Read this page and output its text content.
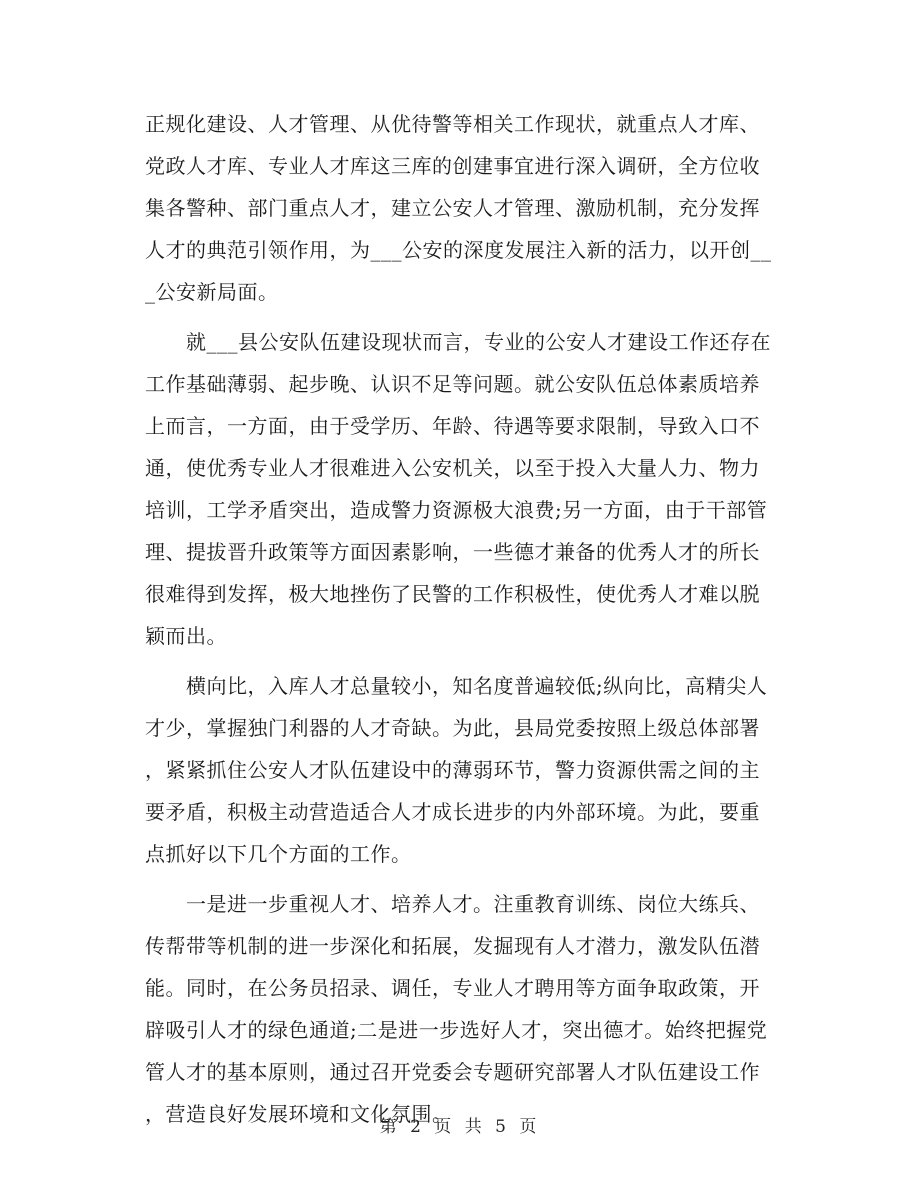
正规化建设、人才管理、从优待警等相关工作现状，就重点人才库、
党政人才库、专业人才库这三库的创建事宜进行深入调研，全方位收
集各警种、部门重点人才，建立公安人才管理、激励机制，充分发挥
人才的典范引领作用，为___公安的深度发展注入新的活力，以开创__
_公安新局面。
　　就___县公安队伍建设现状而言，专业的公安人才建设工作还存在
工作基础薄弱、起步晚、认识不足等问题。就公安队伍总体素质培养
上而言，一方面，由于受学历、年龄、待遇等要求限制，导致入口不
通，使优秀专业人才很难进入公安机关，以至于投入大量人力、物力
培训，工学矛盾突出，造成警力资源极大浪费;另一方面，由于干部管
理、提拔晋升政策等方面因素影响，一些德才兼备的优秀人才的所长
很难得到发挥，极大地挫伤了民警的工作积极性，使优秀人才难以脱
颖而出。
　　横向比，入库人才总量较小，知名度普遍较低;纵向比，高精尖人
才少，掌握独门利器的人才奇缺。为此，县局党委按照上级总体部署
，紧紧抓住公安人才队伍建设中的薄弱环节，警力资源供需之间的主
要矛盾，积极主动营造适合人才成长进步的内外部环境。为此，要重
点抓好以下几个方面的工作。
　　一是进一步重视人才、培养人才。注重教育训练、岗位大练兵、
传帮带等机制的进一步深化和拓展，发掘现有人才潜力，激发队伍潜
能。同时，在公务员招录、调任，专业人才聘用等方面争取政策，开
辟吸引人才的绿色通道;二是进一步选好人才，突出德才。始终把握党
管人才的基本原则，通过召开党委会专题研究部署人才队伍建设工作
，营造良好发展环境和文化氛围。
第 2 页 共 5 页
